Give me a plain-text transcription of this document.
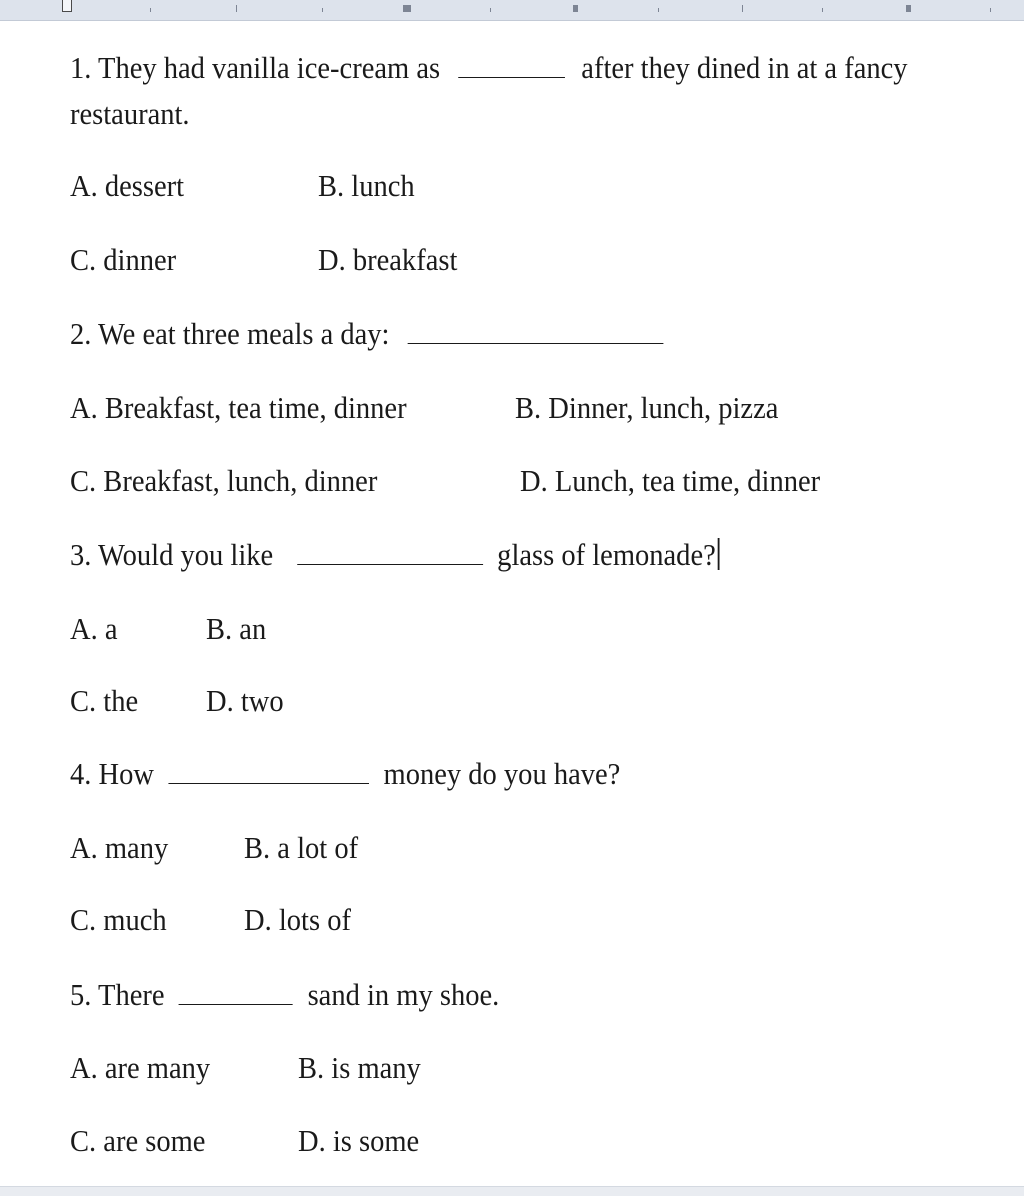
1. They had vanilla ice-cream as	after they dined in at a fancy
restaurant.
A. dessert	B. lunch
C. dinner	D. breakfast
2. We eat three meals a day:
A. Breakfast, tea time, dinner	B. Dinner, lunch, pizza
C. Breakfast, lunch, dinner	D. Lunch, tea time, dinner
3. Would you like	glass of lemonade?
A. a	B. an
C. the D. two
4. How	money do you have?
A. many B. a lot of
C. much D. lots of
5. There	sand in my shoe.
A. are many	B. is many
C. are some	D. is some
